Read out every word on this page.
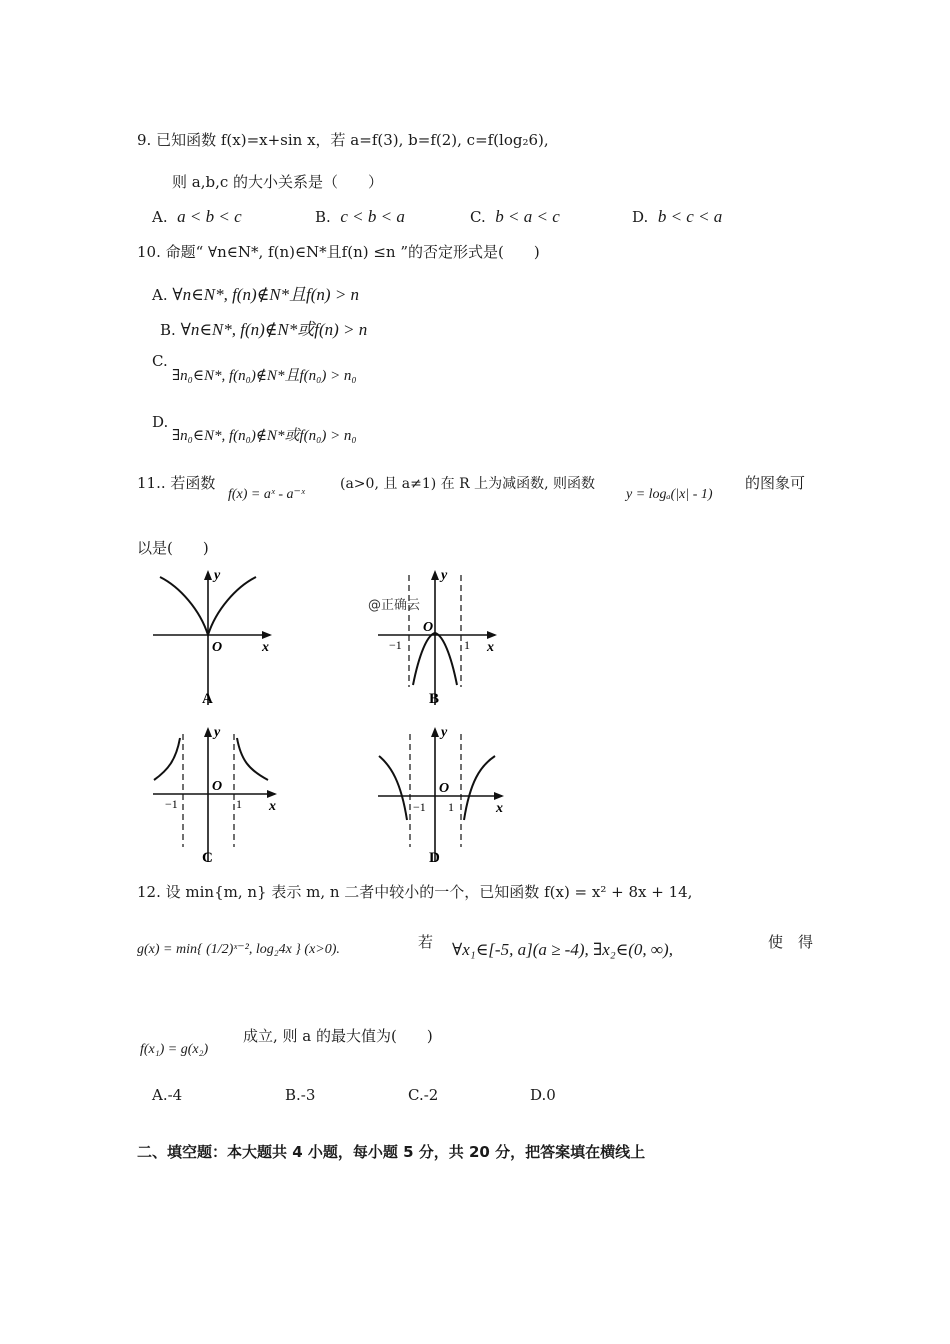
9. 已知函数 f(x)=x+sin x，若 a=f(3), b=f(2), c=f(log₂6),
则 a,b,c 的大小关系是（　　）
A. a < b < c	B. c < b < a	C. b < a < c	D. b < c < a
10. 命题“ ∀n∈N*, f(n)∈N*且f(n) ≤n ”的否定形式是(　　)
A. ∀n∈N*, f(n)∉N*且f(n) > n
B. ∀n∈N*, f(n)∉N*或f(n) > n
C.
∃n₀∈N*, f(n₀)∉N*且f(n₀) > n₀
D.
∃n₀∈N*, f(n₀)∉N*或f(n₀) > n₀
11.. 若函数
f(x) = aˣ - a⁻ˣ
(a>0, 且 a≠1) 在 R 上为减函数, 则函数
y = logₐ(|x| - 1)
的图象可
以是(　　)
y
x
O
A
y
x
O
−1	1
B
@正确云
y
x
O
−1	1
C
y
x
O
−1 1
D
12. 设 min{m, n} 表示 m, n 二者中较小的一个，已知函数 f(x) = x² + 8x + 14,
g(x) = min{ (1/2)ˣ⁻², log₂4x } (x>0).	若 ∀x₁∈[-5, a](a ≥ -4), ∃x₂∈(0, ∞),	使　得
f(x₁) = g(x₂)
成立, 则 a 的最大值为(　　)
A.-4	B.-3	C.-2	D.0
二、填空题：本大题共 4 小题，每小题 5 分，共 20 分，把答案填在横线上
